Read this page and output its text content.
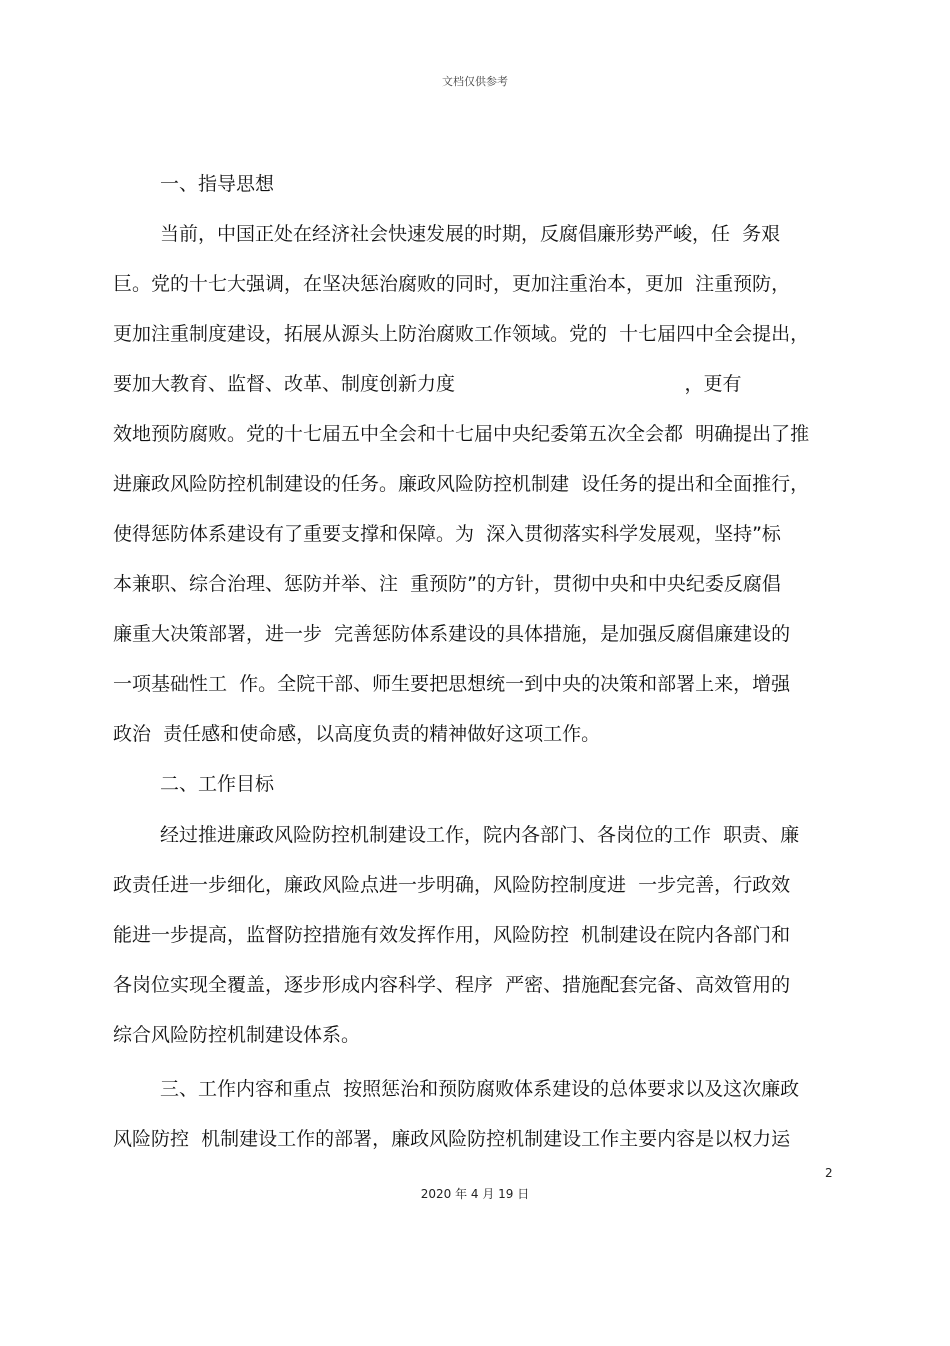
文档仅供参考
一、指导思想
当前，中国正处在经济社会快速发展的时期，反腐倡廉形势严峻，任  务艰
巨。党的十七大强调，在坚决惩治腐败的同时，更加注重治本，更加  注重预防，
更加注重制度建设，拓展从源头上防治腐败工作领域。党的  十七届四中全会提出，
要加大教育、监督、改革、制度创新力度                                      ，更有
效地预防腐败。党的十七届五中全会和十七届中央纪委第五次全会都  明确提出了推
进廉政风险防控机制建设的任务。廉政风险防控机制建  设任务的提出和全面推行，
使得惩防体系建设有了重要支撑和保障。为  深入贯彻落实科学发展观，坚持”标
本兼职、综合治理、惩防并举、注  重预防”的方针，贯彻中央和中央纪委反腐倡
廉重大决策部署，进一步  完善惩防体系建设的具体措施，是加强反腐倡廉建设的
一项基础性工  作。全院干部、师生要把思想统一到中央的决策和部署上来，增强
政治  责任感和使命感，以高度负责的精神做好这项工作。
二、工作目标
经过推进廉政风险防控机制建设工作，院内各部门、各岗位的工作  职责、廉
政责任进一步细化，廉政风险点进一步明确，风险防控制度进  一步完善，行政效
能进一步提高，监督防控措施有效发挥作用，风险防控  机制建设在院内各部门和
各岗位实现全覆盖，逐步形成内容科学、程序  严密、措施配套完备、高效管用的
综合风险防控机制建设体系。
三、工作内容和重点  按照惩治和预防腐败体系建设的总体要求以及这次廉政
风险防控  机制建设工作的部署，廉政风险防控机制建设工作主要内容是以权力运
2
2020 年 4 月 19 日
